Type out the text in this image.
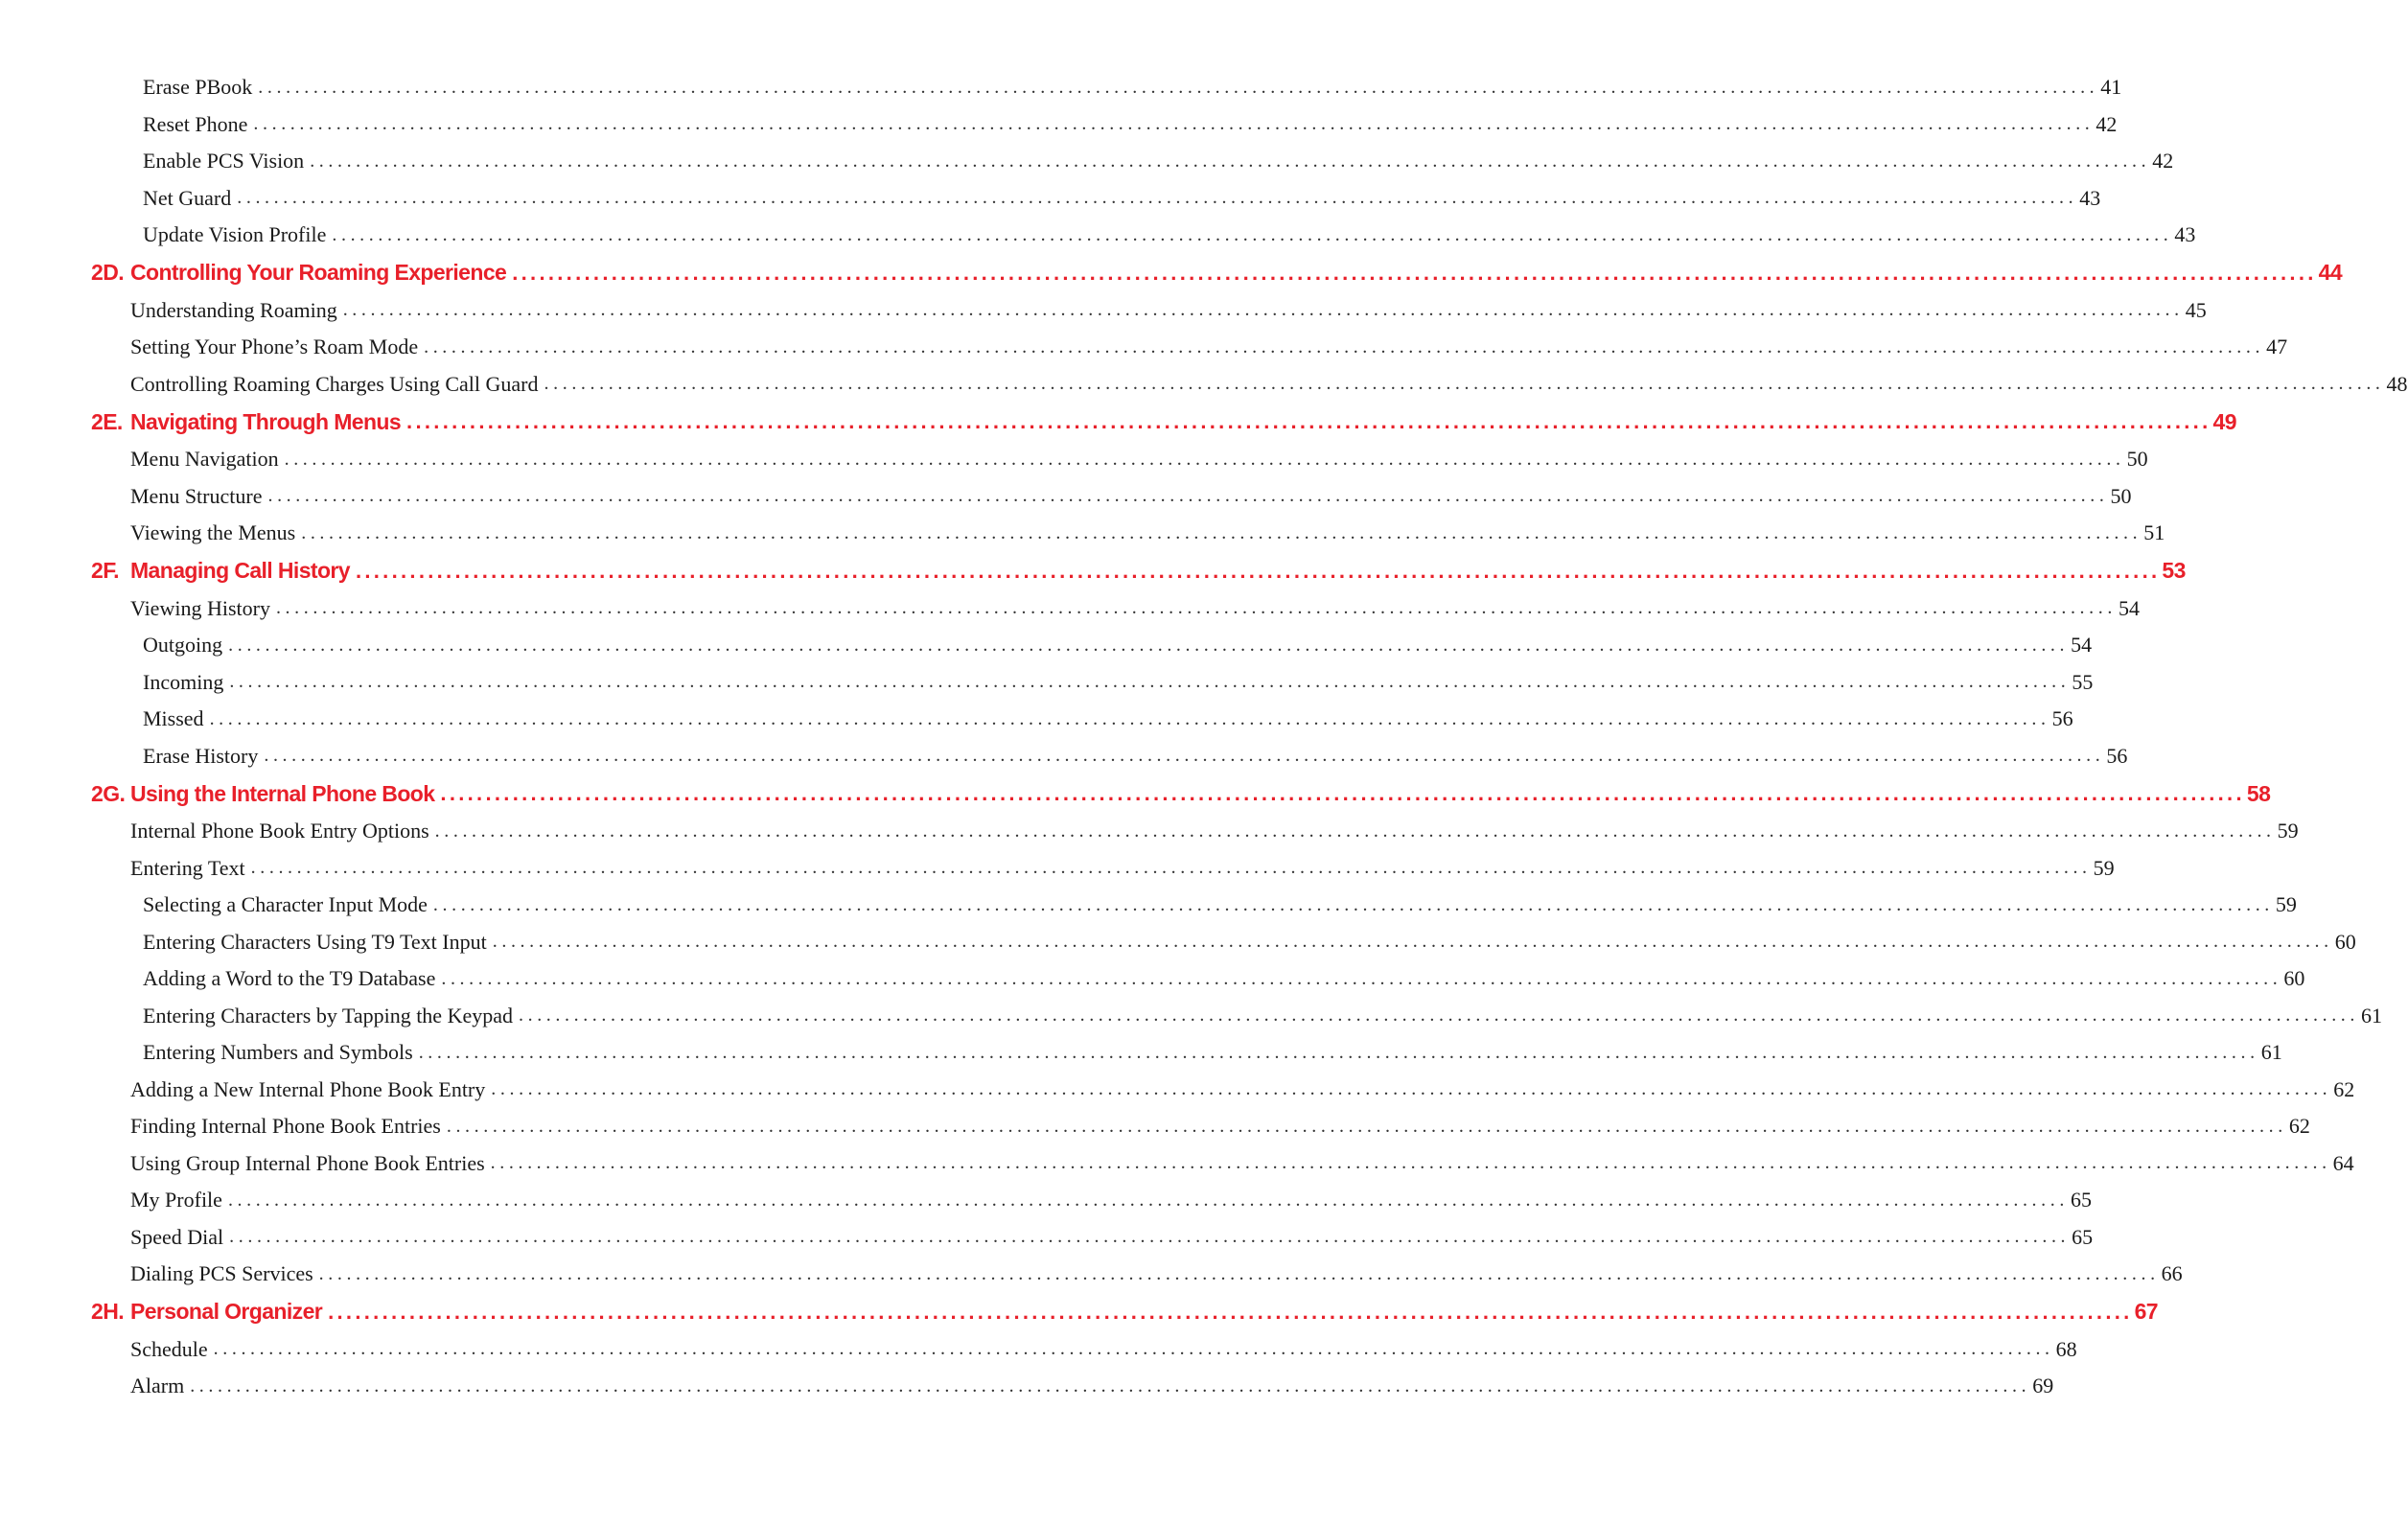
Erase PBook ........................................................................................................................................................................................................ 41
Reset Phone ........................................................................................................................................................................................................ 42
Enable PCS Vision ........................................................................................................................................................................................................ 42
Net Guard ........................................................................................................................................................................................................ 43
Update Vision Profile ........................................................................................................................................................................................................ 43
2D. Controlling Your Roaming Experience ........................................................................................................................................................................................................ 44
Understanding Roaming ........................................................................................................................................................................................................ 45
Setting Your Phone’s Roam Mode ........................................................................................................................................................................................................ 47
Controlling Roaming Charges Using Call Guard ........................................................................................................................................................................................................ 48
2E. Navigating Through Menus ........................................................................................................................................................................................................ 49
Menu Navigation ........................................................................................................................................................................................................ 50
Menu Structure ........................................................................................................................................................................................................ 50
Viewing the Menus ........................................................................................................................................................................................................ 51
2F. Managing Call History ........................................................................................................................................................................................................ 53
Viewing History ........................................................................................................................................................................................................ 54
Outgoing ........................................................................................................................................................................................................ 54
Incoming ........................................................................................................................................................................................................ 55
Missed ........................................................................................................................................................................................................ 56
Erase History ........................................................................................................................................................................................................ 56
2G. Using the Internal Phone Book ........................................................................................................................................................................................................ 58
Internal Phone Book Entry Options ........................................................................................................................................................................................................ 59
Entering Text ........................................................................................................................................................................................................ 59
Selecting a Character Input Mode ........................................................................................................................................................................................................ 59
Entering Characters Using T9 Text Input ........................................................................................................................................................................................................ 60
Adding a Word to the T9 Database ........................................................................................................................................................................................................ 60
Entering Characters by Tapping the Keypad ........................................................................................................................................................................................................ 61
Entering Numbers and Symbols ........................................................................................................................................................................................................ 61
Adding a New Internal Phone Book Entry ........................................................................................................................................................................................................ 62
Finding Internal Phone Book Entries ........................................................................................................................................................................................................ 62
Using Group Internal Phone Book Entries ........................................................................................................................................................................................................ 64
My Profile ........................................................................................................................................................................................................ 65
Speed Dial ........................................................................................................................................................................................................ 65
Dialing PCS Services ........................................................................................................................................................................................................ 66
2H. Personal Organizer ........................................................................................................................................................................................................ 67
Schedule ........................................................................................................................................................................................................ 68
Alarm ........................................................................................................................................................................................................ 69
